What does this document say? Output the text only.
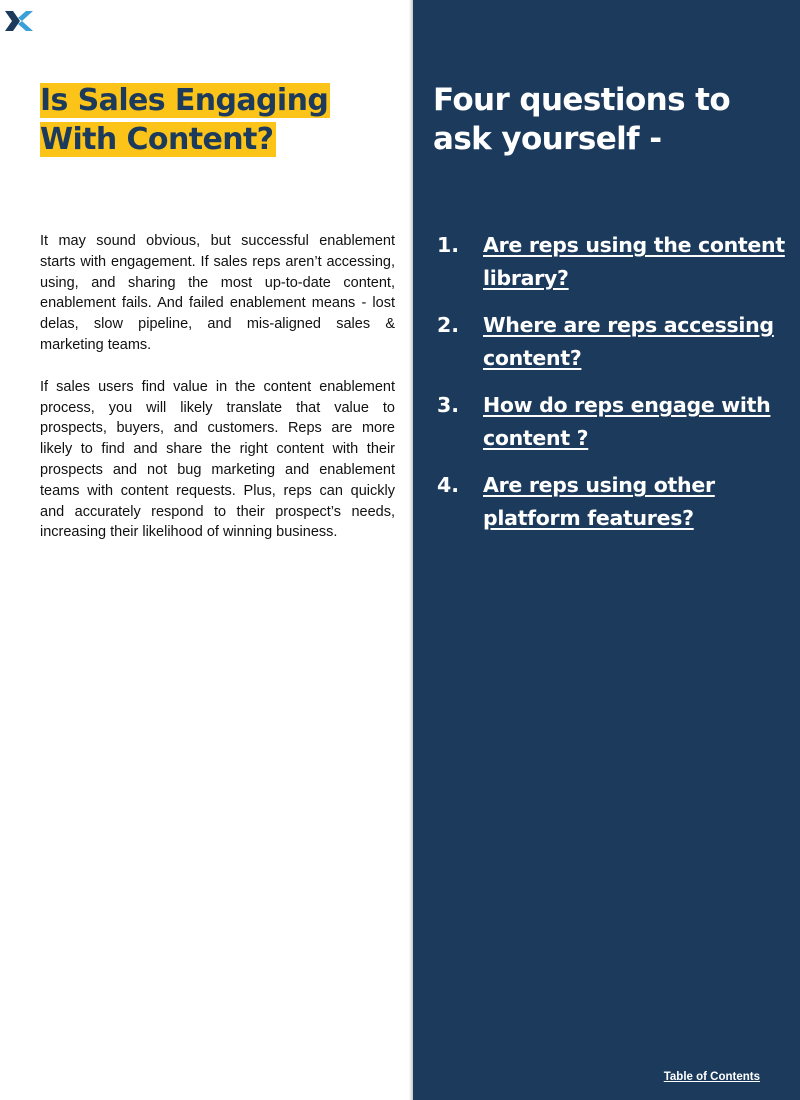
Is Sales Engaging
With Content?

It may sound obvious, but successful enablement starts with engagement. If sales reps aren’t accessing, using, and sharing the most up-to-date content, enablement fails. And failed enablement means - lost delas, slow pipeline, and mis-aligned sales & marketing teams.

If sales users find value in the content enablement process, you will likely translate that value to prospects, buyers, and customers. Reps are more likely to find and share the right content with their prospects and not bug marketing and enablement teams with content requests. Plus, reps can quickly and accurately respond to their prospect’s needs, increasing their likelihood of winning business.

Four questions to ask yourself -
1. Are reps using the content library?
2. Where are reps accessing content?
3. How do reps engage with content ?
4. Are reps using other platform features?
Table of Contents
